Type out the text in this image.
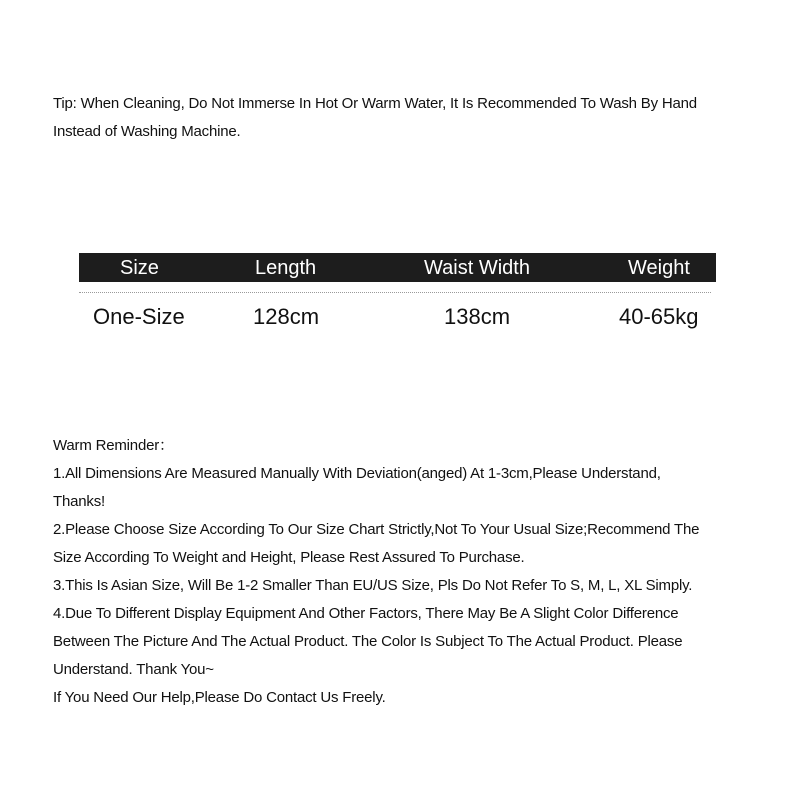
Tip: When Cleaning, Do Not Immerse In Hot Or Warm Water, It Is Recommended To Wash By Hand
Instead of Washing Machine.
Size	Length	Waist Width	Weight
One-Size	128cm	138cm	40-65kg

Warm Reminder：

1.All Dimensions Are Measured Manually With Deviation(anged) At 1-3cm,Please Understand,

Thanks!

2.Please Choose Size According To Our Size Chart Strictly,Not To Your Usual Size;Recommend The

Size According To Weight and Height, Please Rest Assured To Purchase.

3.This Is Asian Size, Will Be 1-2 Smaller Than EU/US Size, Pls Do Not Refer To S, M, L, XL Simply.

4.Due To Different Display Equipment And Other Factors, There May Be A Slight Color Difference

Between The Picture And The Actual Product. The Color Is Subject To The Actual Product. Please

Understand. Thank You~

If You Need Our Help,Please Do Contact Us Freely.
